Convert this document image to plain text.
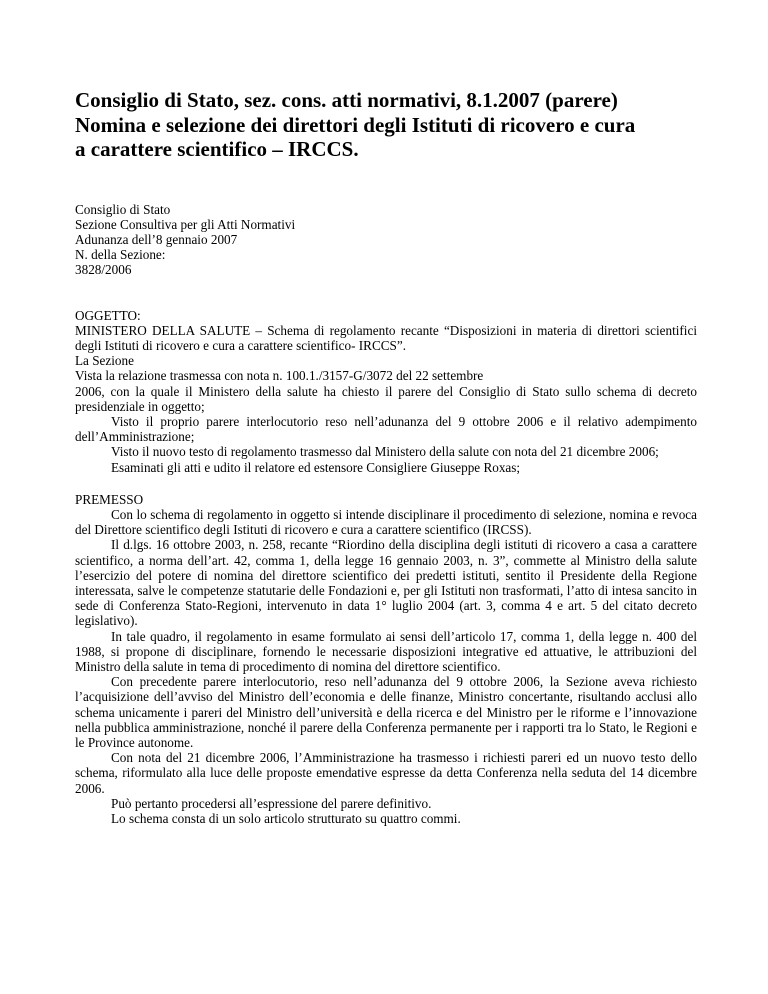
Consiglio di Stato, sez. cons. atti normativi, 8.1.2007 (parere)
Nomina e selezione dei direttori degli Istituti di ricovero e cura
a carattere scientifico – IRCCS.
Consiglio di Stato
Sezione Consultiva per gli Atti Normativi
Adunanza dell’8 gennaio 2007
N. della Sezione:
3828/2006

OGGETTO:

MINISTERO DELLA SALUTE – Schema di regolamento recante “Disposizioni in materia di direttori scientifici degli Istituti di ricovero e cura a carattere scientifico- IRCCS”.

La Sezione

Vista la relazione trasmessa con nota n. 100.1./3157-G/3072 del 22 settembre

2006, con la quale il Ministero della salute ha chiesto il parere del Consiglio di Stato sullo schema di decreto presidenziale in oggetto;

Visto il proprio parere interlocutorio reso nell’adunanza del 9 ottobre 2006 e il relativo adempimento dell’Amministrazione;

Visto il nuovo testo di regolamento trasmesso dal Ministero della salute con nota del 21 dicembre 2006;

Esaminati gli atti e udito il relatore ed estensore Consigliere Giuseppe Roxas;

PREMESSO

Con lo schema di regolamento in oggetto si intende disciplinare il procedimento di selezione, nomina e revoca del Direttore scientifico degli Istituti di ricovero e cura a carattere scientifico (IRCSS).

Il d.lgs. 16 ottobre 2003, n. 258, recante “Riordino della disciplina degli istituti di ricovero a casa a carattere scientifico, a norma dell’art. 42, comma 1, della legge 16 gennaio 2003, n. 3”, commette al Ministro della salute l’esercizio del potere di nomina del direttore scientifico dei predetti istituti, sentito il Presidente della Regione interessata, salve le competenze statutarie delle Fondazioni e, per gli Istituti non trasformati, l’atto di intesa sancito in sede di Conferenza Stato-Regioni, intervenuto in data 1° luglio 2004 (art. 3, comma 4 e art. 5 del citato decreto legislativo).

In tale quadro, il regolamento in esame formulato ai sensi dell’articolo 17, comma 1, della legge n. 400 del 1988, si propone di disciplinare, fornendo le necessarie disposizioni integrative ed attuative, le attribuzioni del Ministro della salute in tema di procedimento di nomina del direttore scientifico.

Con precedente parere interlocutorio, reso nell’adunanza del 9 ottobre 2006, la Sezione aveva richiesto l’acquisizione dell’avviso del Ministro dell’economia e delle finanze, Ministro concertante, risultando acclusi allo schema unicamente i pareri del Ministro dell’università e della ricerca e del Ministro per le riforme e l’innovazione nella pubblica amministrazione, nonché il parere della Conferenza permanente per i rapporti tra lo Stato, le Regioni e le Province autonome.

Con nota del 21 dicembre 2006, l’Amministrazione ha trasmesso i richiesti pareri ed un nuovo testo dello schema, riformulato alla luce delle proposte emendative espresse da detta Conferenza nella seduta del 14 dicembre 2006.

Può pertanto procedersi all’espressione del parere definitivo.

Lo schema consta di un solo articolo strutturato su quattro commi.
